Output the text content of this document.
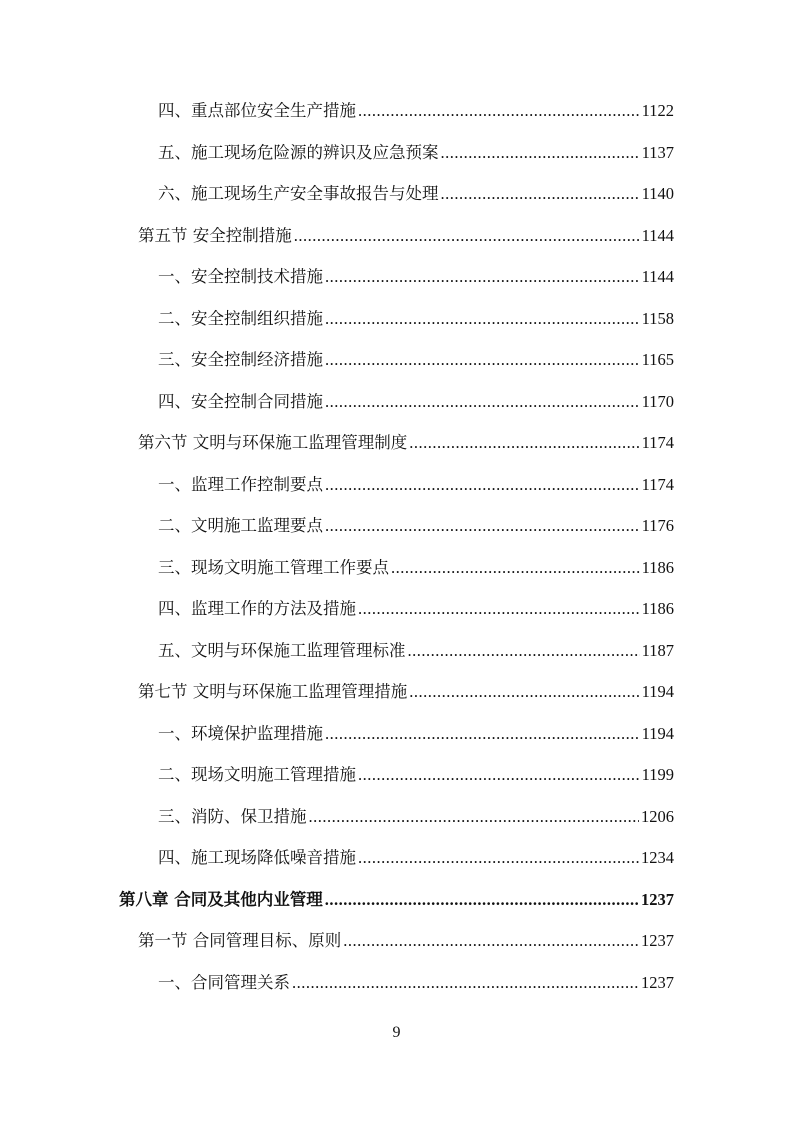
四、重点部位安全生产措施 .....	1122
五、施工现场危险源的辨识及应急预案 .....	1137
六、施工现场生产安全事故报告与处理 .....	1140
第五节 安全控制措施 .....	1144
一、安全控制技术措施 .....	1144
二、安全控制组织措施 .....	1158
三、安全控制经济措施 .....	1165
四、安全控制合同措施 .....	1170
第六节 文明与环保施工监理管理制度 .....	1174
一、监理工作控制要点 .....	1174
二、文明施工监理要点 .....	1176
三、现场文明施工管理工作要点 .....	1186
四、监理工作的方法及措施 .....	1186
五、文明与环保施工监理管理标准 .....	1187
第七节 文明与环保施工监理管理措施 .....	1194
一、环境保护监理措施 .....	1194
二、现场文明施工管理措施 .....	1199
三、消防、保卫措施 .....	1206
四、施工现场降低噪音措施 .....	1234
第八章 合同及其他内业管理 .....	1237
第一节 合同管理目标、原则 .....	1237
一、合同管理关系 .....	1237
9
